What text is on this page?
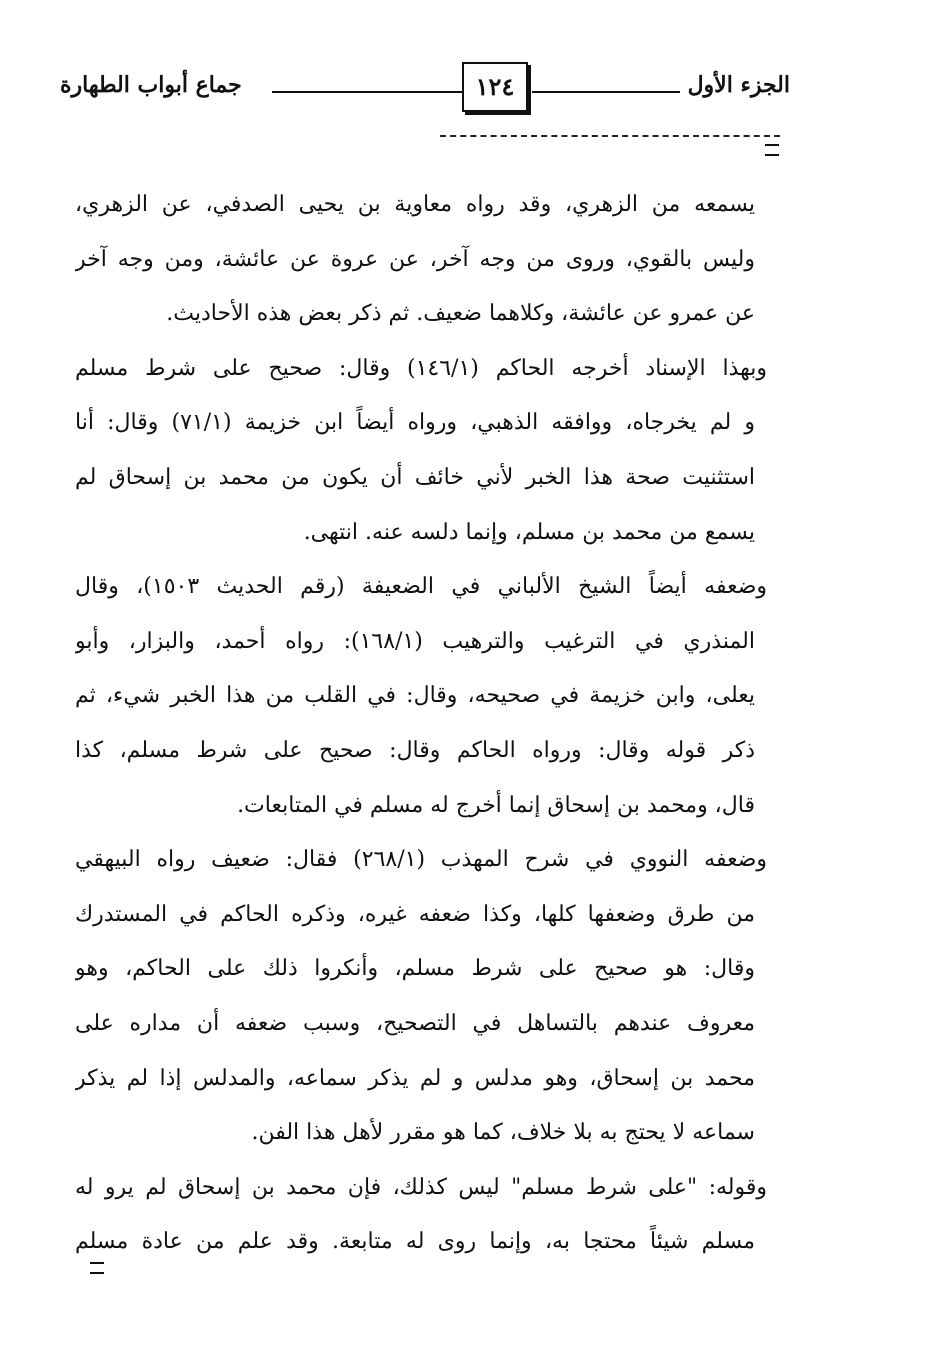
الجزء الأول
١٢٤
جماع أبواب الطهارة
يسمعه من الزهري، وقد رواه معاوية بن يحيى الصدفي، عن الزهري،
وليس بالقوي، وروى من وجه آخر، عن عروة عن عائشة، ومن وجه آخر
عن عمرو عن عائشة، وكلاهما ضعيف. ثم ذكر بعض هذه الأحاديث.
وبهذا الإسناد أخرجه الحاكم (١٤٦/١) وقال: صحيح على شرط مسلم
و لم يخرجاه، ووافقه الذهبي، ورواه أيضاً ابن خزيمة (٧١/١) وقال: أنا
استثنيت صحة هذا الخبر لأني خائف أن يكون من محمد بن إسحاق لم
يسمع من محمد بن مسلم، وإنما دلسه عنه. انتهى.
وضعفه أيضاً الشيخ الألباني في الضعيفة (رقم الحديث ١٥٠٣)، وقال
المنذري في الترغيب والترهيب (١٦٨/١): رواه أحمد، والبزار، وأبو
يعلى، وابن خزيمة في صحيحه، وقال: في القلب من هذا الخبر شيء، ثم
ذكر قوله وقال: ورواه الحاكم وقال: صحيح على شرط مسلم، كذا
قال، ومحمد بن إسحاق إنما أخرج له مسلم في المتابعات.
وضعفه النووي في شرح المهذب (٢٦٨/١) فقال: ضعيف رواه البيهقي
من طرق وضعفها كلها، وكذا ضعفه غيره، وذكره الحاكم في المستدرك
وقال: هو صحيح على شرط مسلم، وأنكروا ذلك على الحاكم، وهو
معروف عندهم بالتساهل في التصحيح، وسبب ضعفه أن مداره على
محمد بن إسحاق، وهو مدلس و لم يذكر سماعه، والمدلس إذا لم يذكر
سماعه لا يحتج به بلا خلاف، كما هو مقرر لأهل هذا الفن.
وقوله: "على شرط مسلم" ليس كذلك، فإن محمد بن إسحاق لم يرو له
مسلم شيئاً محتجا به، وإنما روى له متابعة. وقد علم من عادة مسلم
